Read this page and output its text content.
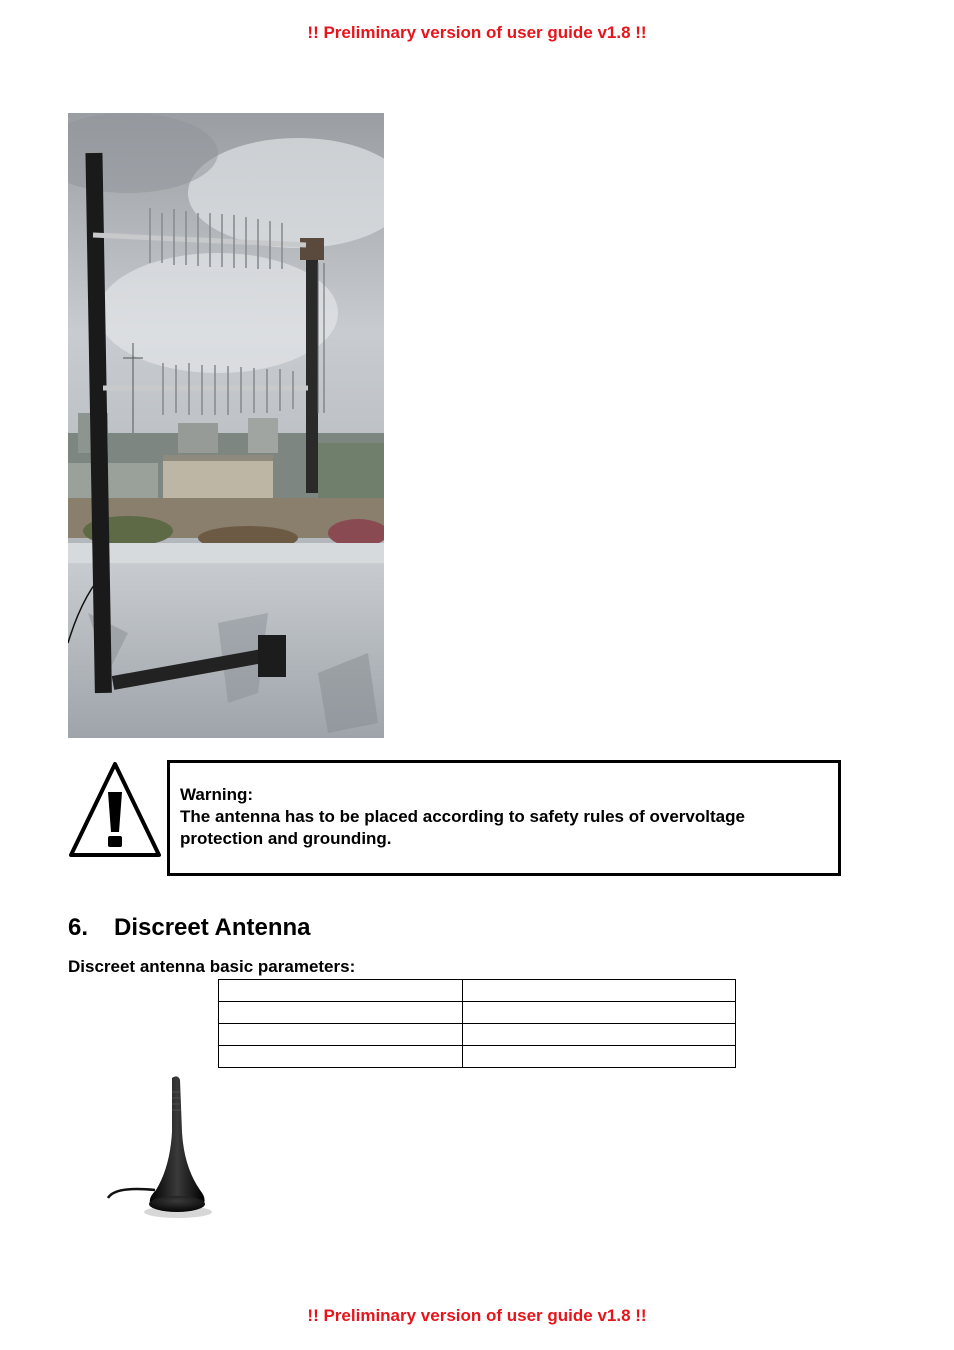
!! Preliminary version of user guide v1.8 !!
Warning:
The antenna has to be placed according to safety rules of overvoltage
protection and grounding.
6. Discreet Antenna
Discreet antenna basic parameters:

!! Preliminary version of user guide v1.8 !!
